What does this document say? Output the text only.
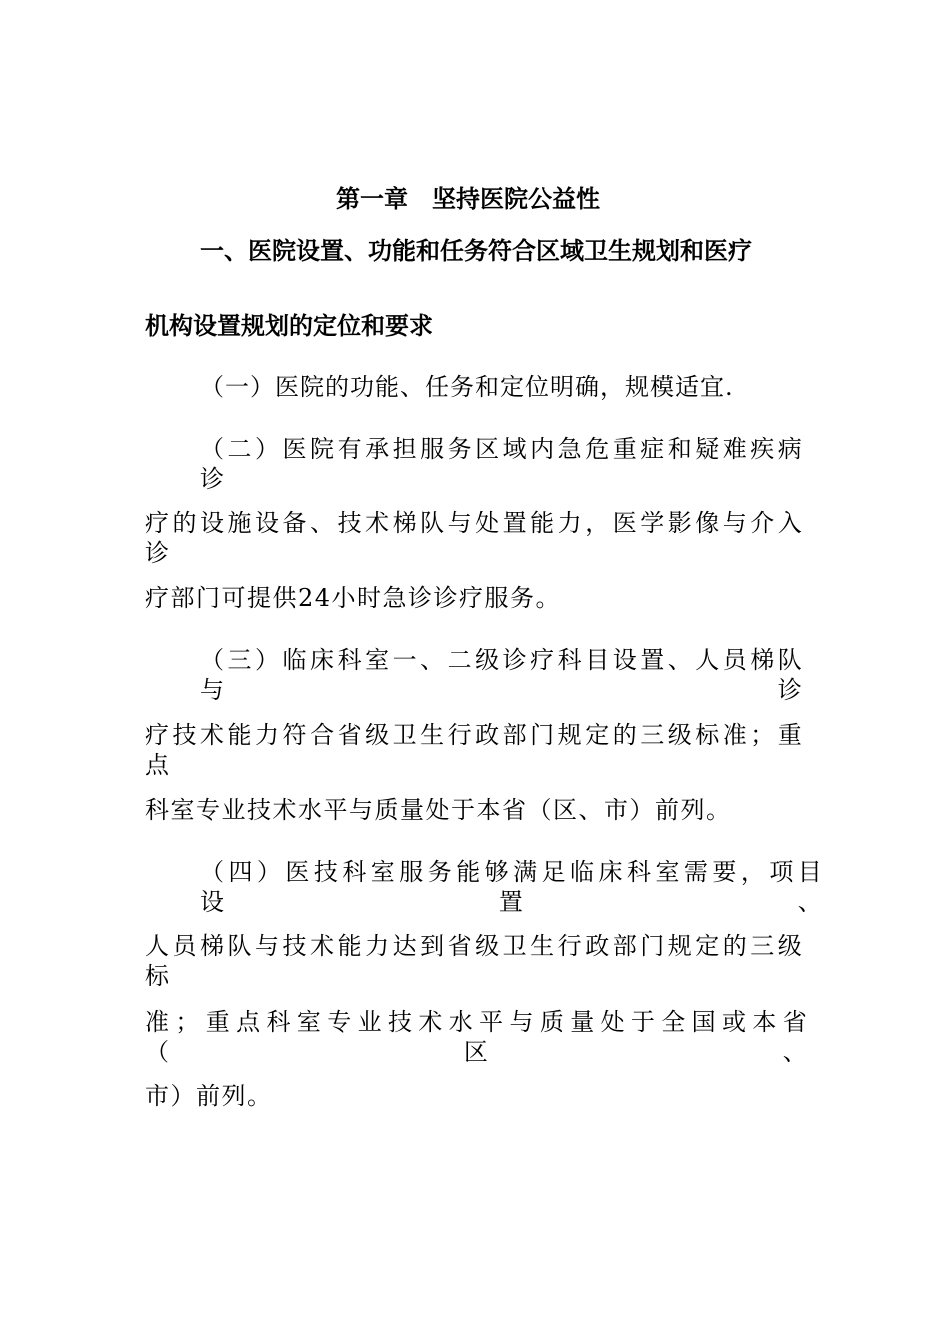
第一章　坚持医院公益性
一、医院设置、功能和任务符合区域卫生规划和医疗
机构设置规划的定位和要求
（一）医院的功能、任务和定位明确，规模适宜.
（二）医院有承担服务区域内急危重症和疑难疾病诊
疗的设施设备、技术梯队与处置能力，医学影像与介入诊
疗部门可提供24小时急诊诊疗服务。
（三）临床科室一、二级诊疗科目设置、人员梯队与诊
疗技术能力符合省级卫生行政部门规定的三级标准；重点
科室专业技术水平与质量处于本省（区、市）前列。
（四）医技科室服务能够满足临床科室需要，项目设置、
人员梯队与技术能力达到省级卫生行政部门规定的三级标
准；重点科室专业技术水平与质量处于全国或本省（区、
市）前列。
